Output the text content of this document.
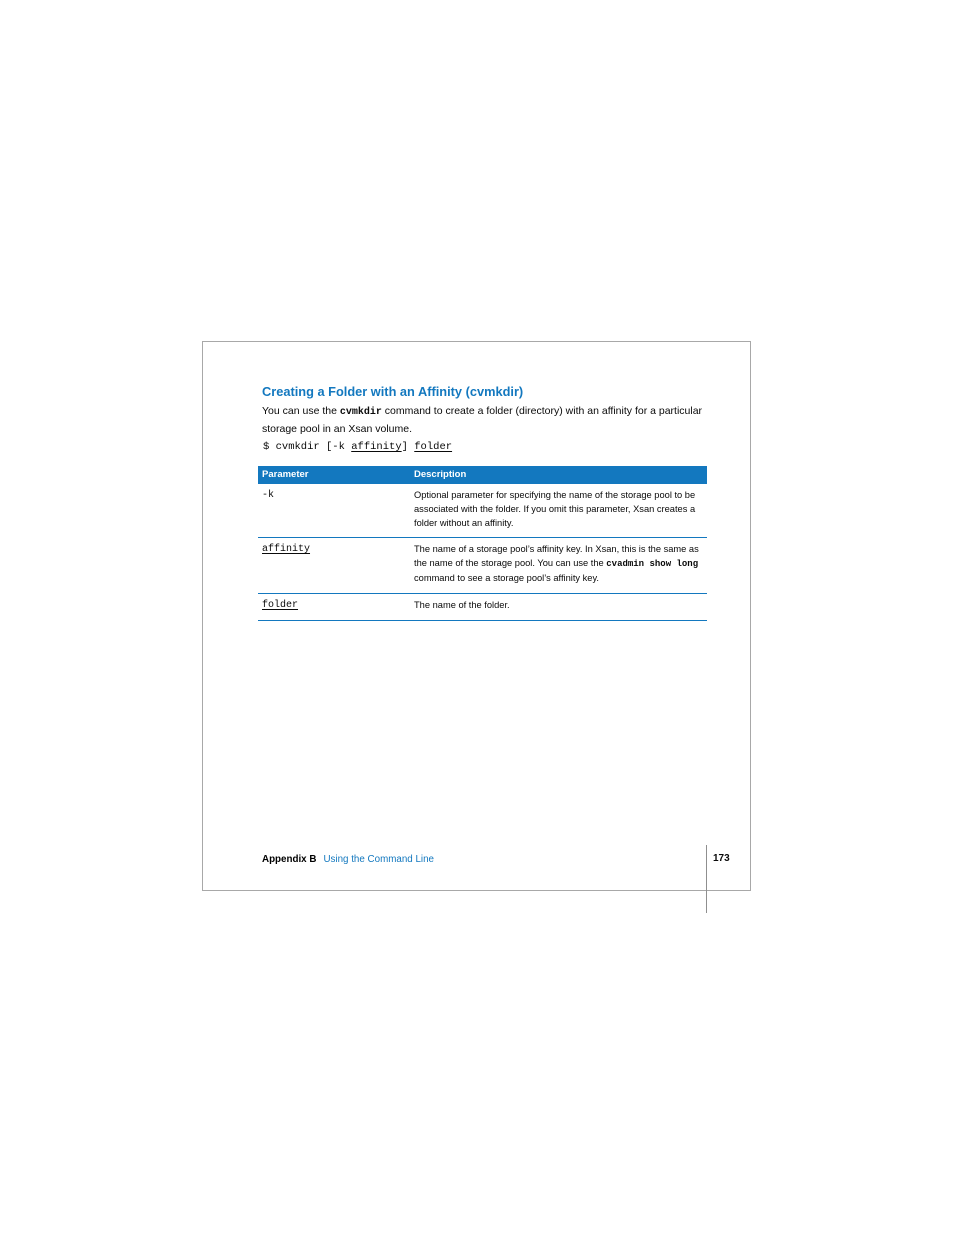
Creating a Folder with an Affinity (cvmkdir)

You can use the cvmkdir command to create a folder (directory) with an affinity for a particular storage pool in an Xsan volume.

$ cvmkdir [-k affinity] folder

Parameter	Description
-k	Optional parameter for specifying the name of the storage pool to be associated with the folder. If you omit this parameter, Xsan creates a folder without an affinity.
affinity	The name of a storage pool’s affinity key. In Xsan, this is the same as the name of the storage pool. You can use the cvadmin show long command to see a storage pool’s affinity key.
folder	The name of the folder.

Appendix B Using the Command Line	173
